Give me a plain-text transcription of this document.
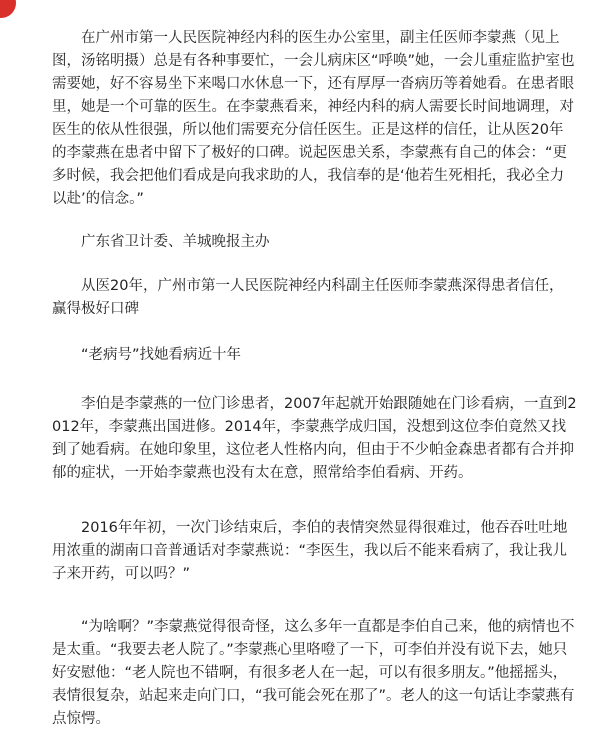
　　在广州市第一人民医院神经内科的医生办公室里，副主任医师李蒙燕（见上图，汤铭明摄）总是有各种事要忙，一会儿病床区“呼唤”她，一会儿重症监护室也需要她，好不容易坐下来喝口水休息一下，还有厚厚一沓病历等着她看。在患者眼里，她是一个可靠的医生。在李蒙燕看来，神经内科的病人需要长时间地调理，对医生的依从性很强，所以他们需要充分信任医生。正是这样的信任，让从医20年的李蒙燕在患者中留下了极好的口碑。说起医患关系，李蒙燕有自己的体会：“更多时候，我会把他们看成是向我求助的人，我信奉的是‘他若生死相托，我必全力以赴’的信念。”

　　广东省卫计委、羊城晚报主办

　　从医20年，广州市第一人民医院神经内科副主任医师李蒙燕深得患者信任，赢得极好口碑

　　“老病号”找她看病近十年

　　李伯是李蒙燕的一位门诊患者，2007年起就开始跟随她在门诊看病，一直到2012年，李蒙燕出国进修。2014年，李蒙燕学成归国，没想到这位李伯竟然又找到了她看病。在她印象里，这位老人性格内向，但由于不少帕金森患者都有合并抑郁的症状，一开始李蒙燕也没有太在意，照常给李伯看病、开药。

　　2016年年初，一次门诊结束后，李伯的表情突然显得很难过，他吞吞吐吐地用浓重的湖南口音普通话对李蒙燕说：“李医生，我以后不能来看病了，我让我儿子来开药，可以吗？”

　　“为啥啊？”李蒙燕觉得很奇怪，这么多年一直都是李伯自己来，他的病情也不是太重。“我要去老人院了。”李蒙燕心里咯噔了一下，可李伯并没有说下去，她只好安慰他：“老人院也不错啊，有很多老人在一起，可以有很多朋友。”他摇摇头，表情很复杂，站起来走向门口，“我可能会死在那了”。老人的这一句话让李蒙燕有点惊愕。
